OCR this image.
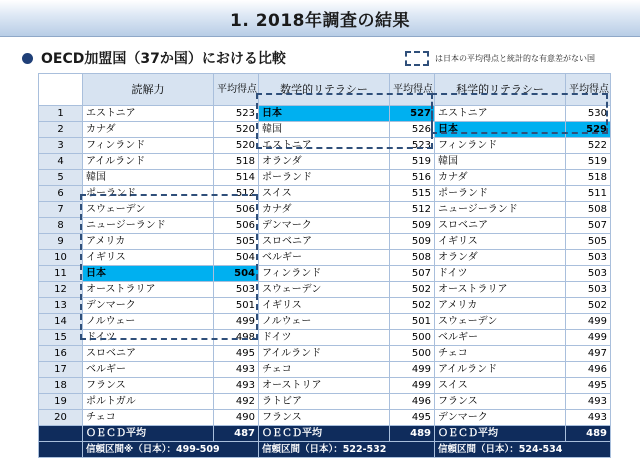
1. 2018年調査の結果
OECD加盟国（37か国）における比較	は日本の平均得点と統計的な有意差がない国
	読解力	平均得点	数学的リテラシー	平均得点	科学的リテラシー	平均得点
1	エストニア	523	日本	527	エストニア	530
2	カナダ	520	韓国	526	日本	529
3	フィンランド	520	エストニア	523	フィンランド	522
4	アイルランド	518	オランダ	519	韓国	519
5	韓国	514	ポーランド	516	カナダ	518
6	ポーランド	512	スイス	515	ポーランド	511
7	スウェーデン	506	カナダ	512	ニュージーランド	508
8	ニュージーランド	506	デンマーク	509	スロベニア	507
9	アメリカ	505	スロベニア	509	イギリス	505
10	イギリス	504	ベルギー	508	オランダ	503
11	日本	504	フィンランド	507	ドイツ	503
12	オーストラリア	503	スウェーデン	502	オーストラリア	503
13	デンマーク	501	イギリス	502	アメリカ	502
14	ノルウェー	499	ノルウェー	501	スウェーデン	499
15	ドイツ	498	ドイツ	500	ベルギー	499
16	スロベニア	495	アイルランド	500	チェコ	497
17	ベルギー	493	チェコ	499	アイルランド	496
18	フランス	493	オーストリア	499	スイス	495
19	ポルトガル	492	ラトビア	496	フランス	493
20	チェコ	490	フランス	495	デンマーク	493
	ＯＥＣＤ平均	487	ＯＥＣＤ平均	489	ＯＥＣＤ平均	489
	信頼区間※（日本）：499-509		信頼区間（日本）：522-532		信頼区間（日本）：524-534	
